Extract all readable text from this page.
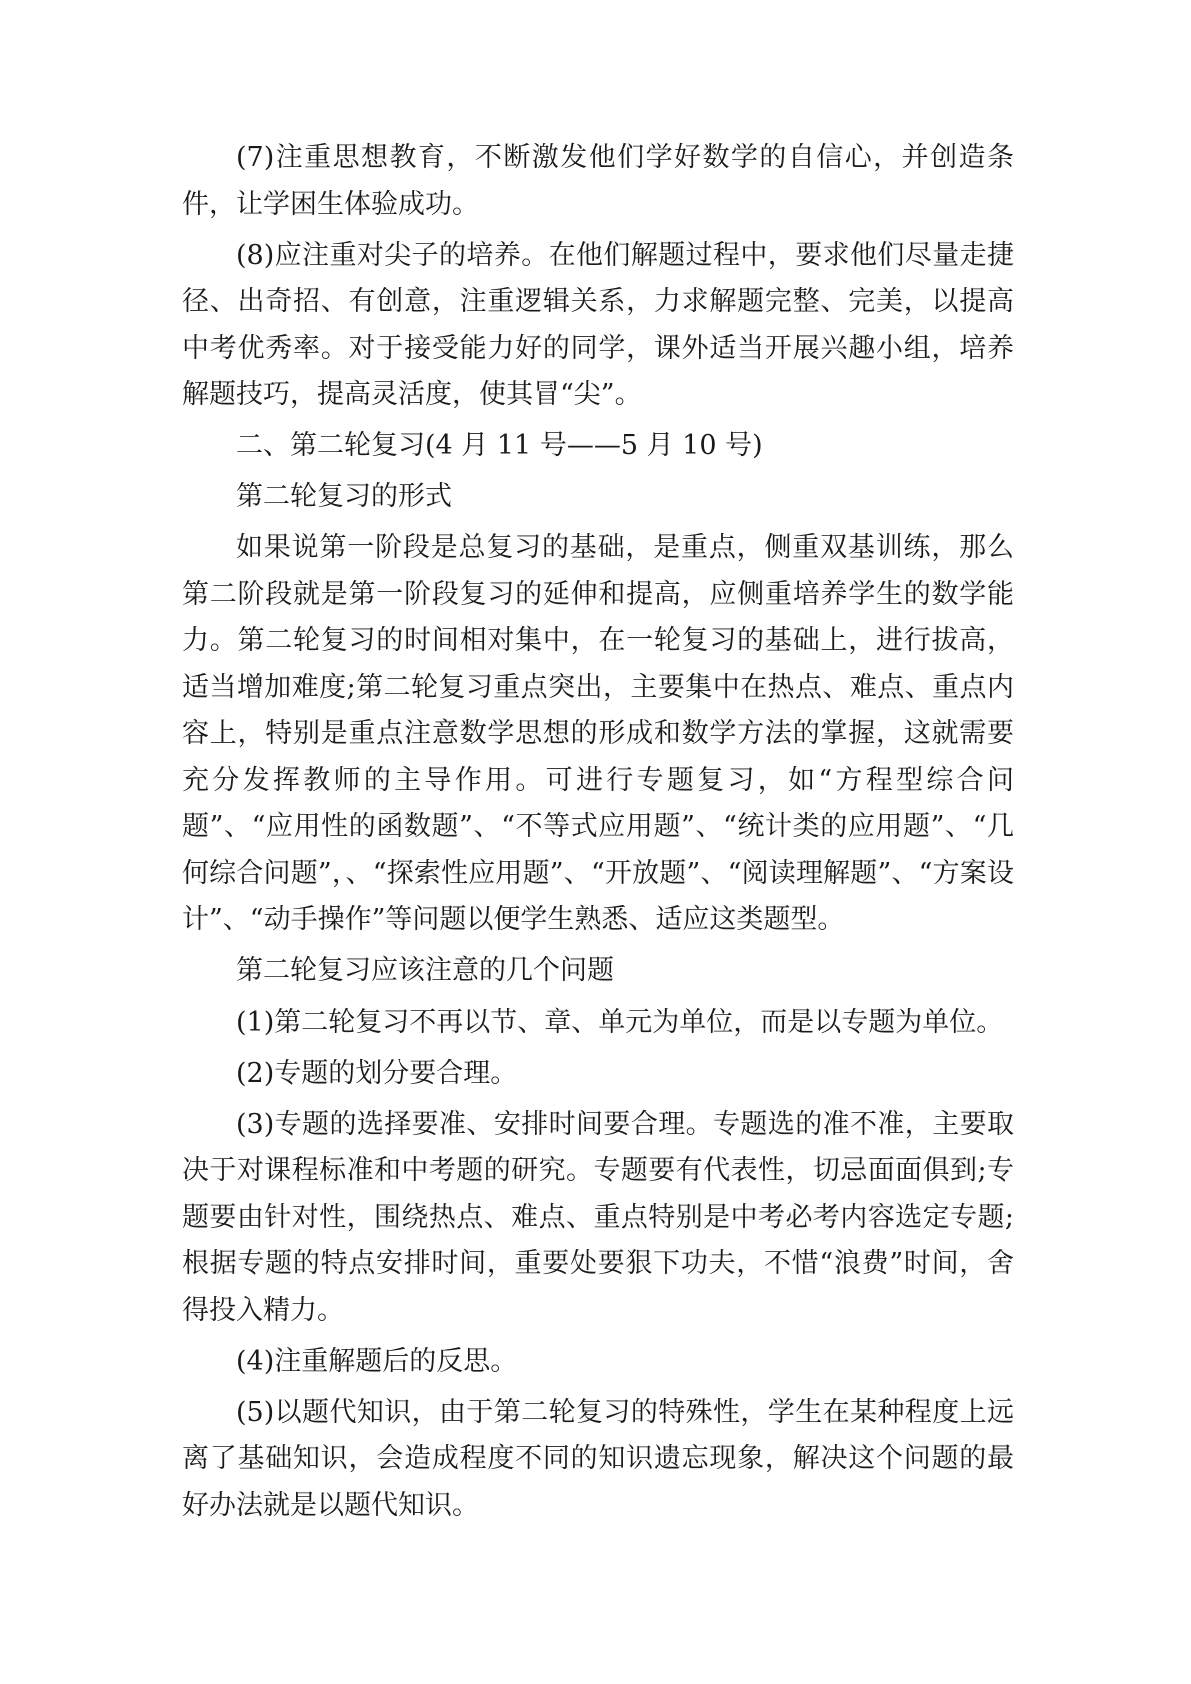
(7)注重思想教育，不断激发他们学好数学的自信心，并创造条件，让学困生体验成功。

(8)应注重对尖子的培养。在他们解题过程中，要求他们尽量走捷径、出奇招、有创意，注重逻辑关系，力求解题完整、完美，以提高中考优秀率。对于接受能力好的同学，课外适当开展兴趣小组，培养解题技巧，提高灵活度，使其冒“尖”。

二、第二轮复习(4 月 11 号——5 月 10 号)

第二轮复习的形式

如果说第一阶段是总复习的基础，是重点，侧重双基训练，那么第二阶段就是第一阶段复习的延伸和提高，应侧重培养学生的数学能力。第二轮复习的时间相对集中，在一轮复习的基础上，进行拔高，适当增加难度;第二轮复习重点突出，主要集中在热点、难点、重点内容上，特别是重点注意数学思想的形成和数学方法的掌握，这就需要充分发挥教师的主导作用。可进行专题复习，如“方程型综合问题”、“应用性的函数题”、“不等式应用题”、“统计类的应用题”、“几何综合问题”，、“探索性应用题”、“开放题”、“阅读理解题”、“方案设计”、“动手操作”等问题以便学生熟悉、适应这类题型。

第二轮复习应该注意的几个问题

(1)第二轮复习不再以节、章、单元为单位，而是以专题为单位。

(2)专题的划分要合理。

(3)专题的选择要准、安排时间要合理。专题选的准不准，主要取决于对课程标准和中考题的研究。专题要有代表性，切忌面面俱到;专题要由针对性，围绕热点、难点、重点特别是中考必考内容选定专题;根据专题的特点安排时间，重要处要狠下功夫，不惜“浪费”时间，舍得投入精力。

(4)注重解题后的反思。

(5)以题代知识，由于第二轮复习的特殊性，学生在某种程度上远离了基础知识，会造成程度不同的知识遗忘现象，解决这个问题的最好办法就是以题代知识。
